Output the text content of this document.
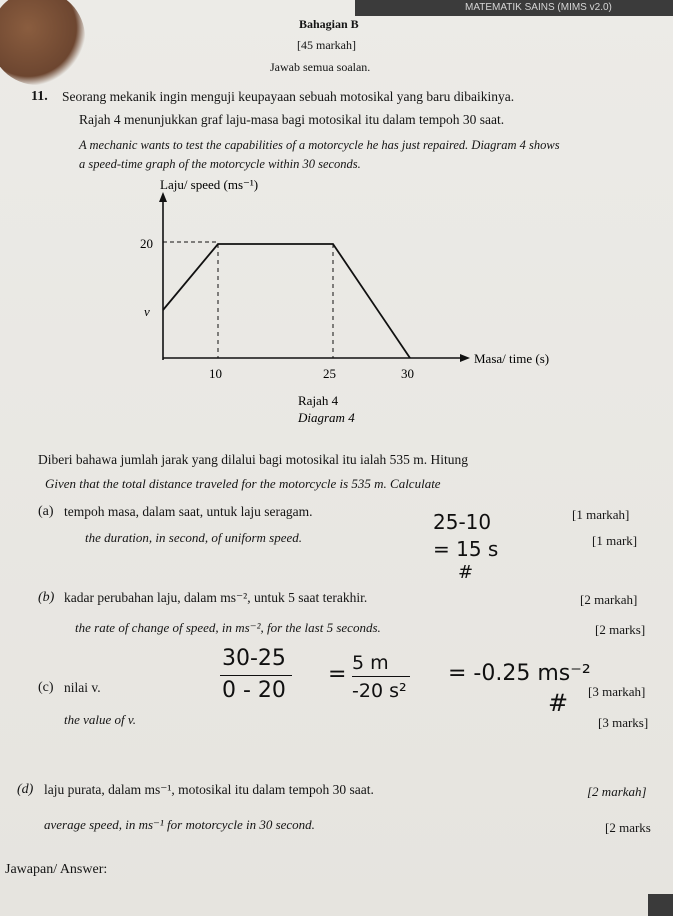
MATEMATIK SAINS (MIMS v2.0)
Bahagian B
[45 markah]
Jawab semua soalan.
11. Seorang mekanik ingin menguji keupayaan sebuah motosikal yang baru dibaikinya.
Rajah 4 menunjukkan graf laju-masa bagi motosikal itu dalam tempoh 30 saat.
A mechanic wants to test the capabilities of a motorcycle he has just repaired. Diagram 4 shows
a speed-time graph of the motorcycle within 30 seconds.
Laju/ speed (ms⁻¹)
20
v
10	25	30
Masa/ time (s)
Rajah 4
Diagram 4
Diberi bahawa jumlah jarak yang dilalui bagi motosikal itu ialah 535 m. Hitung
Given that the total distance traveled for the motorcycle is 535 m. Calculate
(a) tempoh masa, dalam saat, untuk laju seragam.	[1 markah]
the duration, in second, of uniform speed.	[1 mark]
25-10
= 15 s
#
(b) kadar perubahan laju, dalam ms⁻², untuk 5 saat terakhir.	[2 markah]
the rate of change of speed, in ms⁻², for the last 5 seconds.	[2 marks]
30-25
0 - 20
= 5 m
-20 s²
= -0.25 ms⁻²
#
(c) nilai v.	[3 markah]
the value of v.	[3 marks]
(d) laju purata, dalam ms⁻¹, motosikal itu dalam tempoh 30 saat.	[2 markah]
average speed, in ms⁻¹ for motorcycle in 30 second.	[2 marks
Jawapan/ Answer:
